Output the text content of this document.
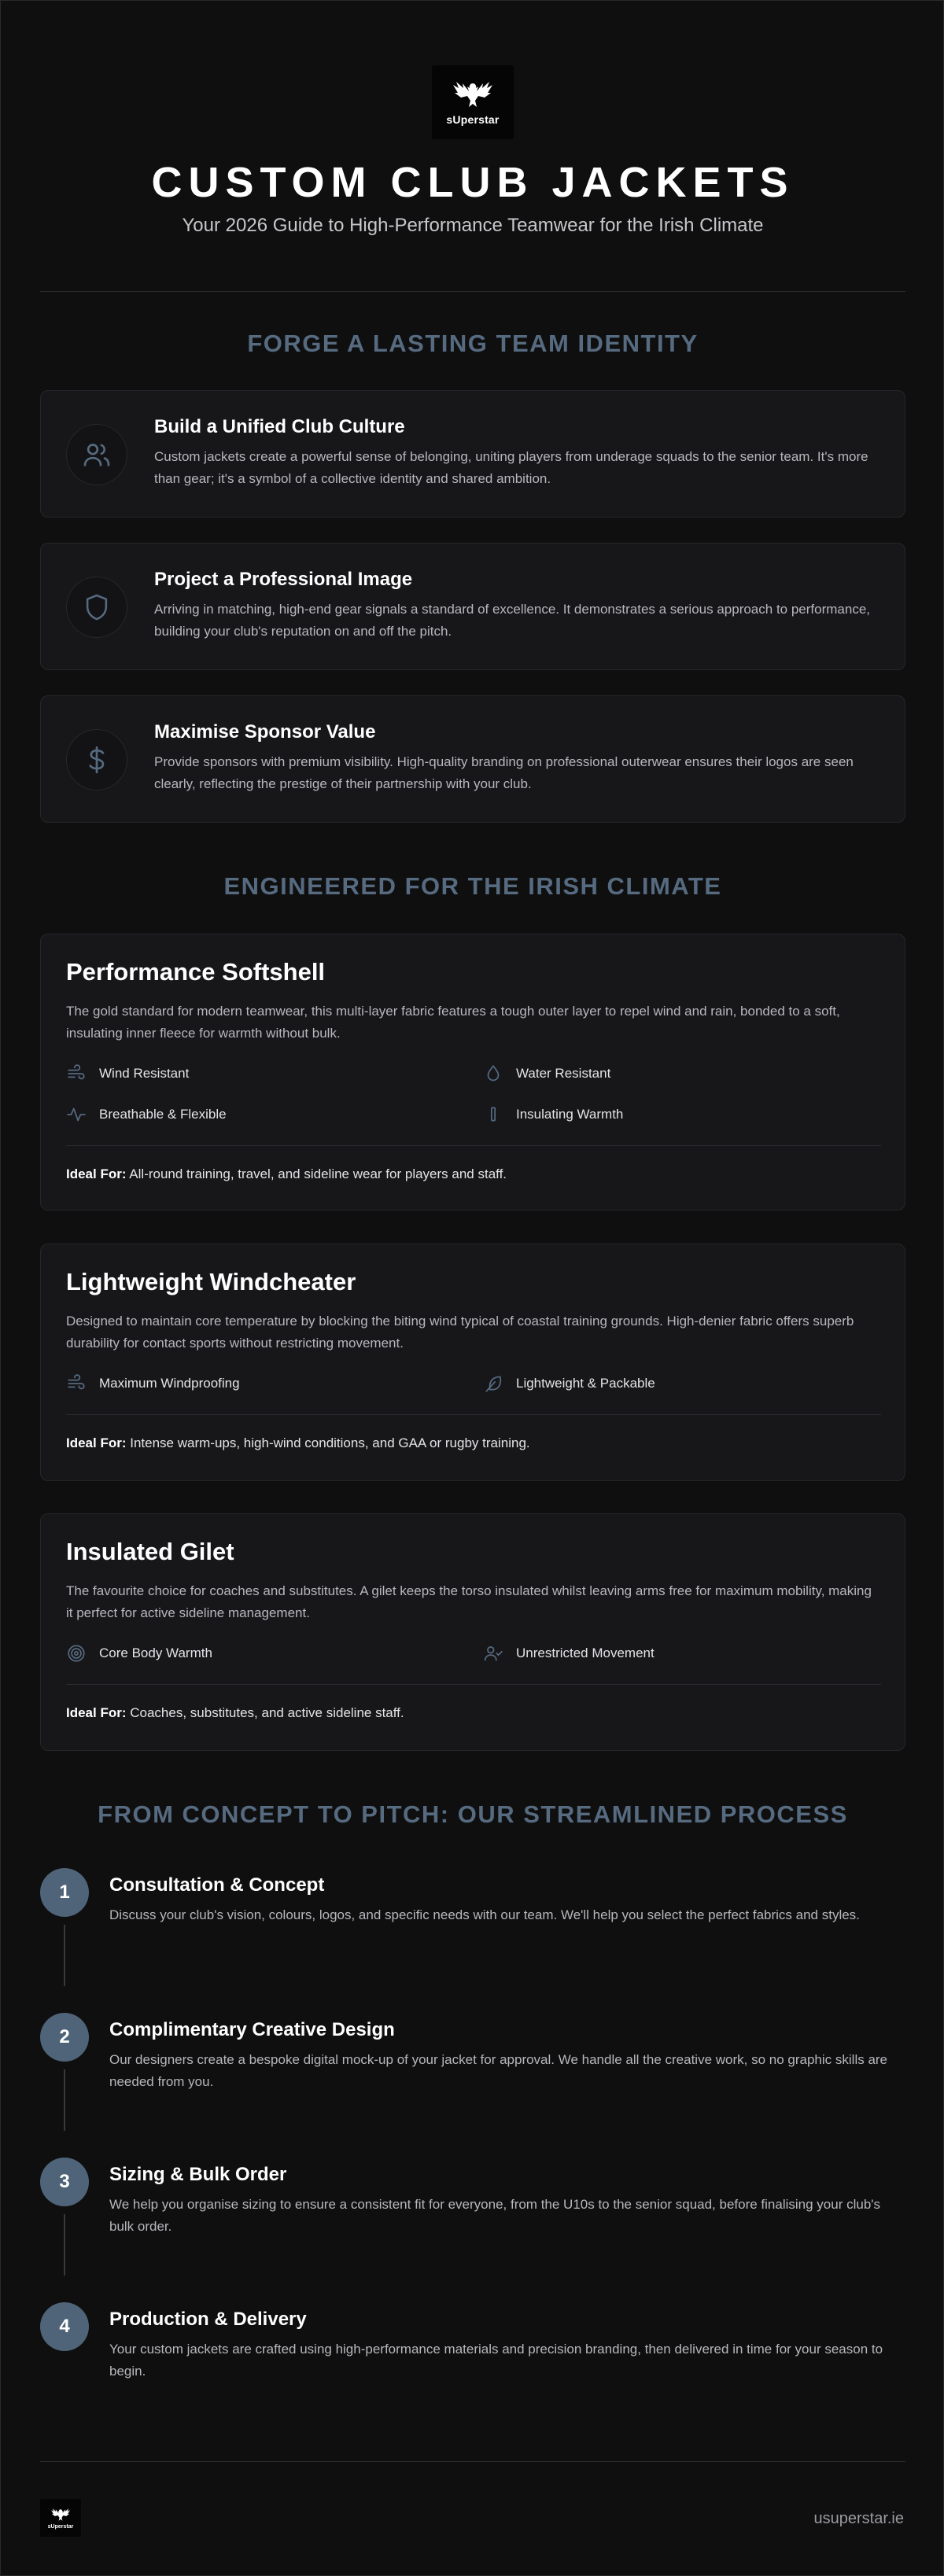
sUperstar
CUSTOM CLUB JACKETS
Your 2026 Guide to High-Performance Teamwear for the Irish Climate
FORGE A LASTING TEAM IDENTITY
Build a Unified Club Culture
Custom jackets create a powerful sense of belonging, uniting players from underage squads to the senior team. It's more than gear; it's a symbol of a collective identity and shared ambition.
Project a Professional Image
Arriving in matching, high-end gear signals a standard of excellence. It demonstrates a serious approach to performance, building your club's reputation on and off the pitch.
Maximise Sponsor Value
Provide sponsors with premium visibility. High-quality branding on professional outerwear ensures their logos are seen clearly, reflecting the prestige of their partnership with your club.
ENGINEERED FOR THE IRISH CLIMATE
Performance Softshell
The gold standard for modern teamwear, this multi-layer fabric features a tough outer layer to repel wind and rain, bonded to a soft, insulating inner fleece for warmth without bulk.
Wind Resistant	Water Resistant
Breathable & Flexible	Insulating Warmth
Ideal For: All-round training, travel, and sideline wear for players and staff.
Lightweight Windcheater
Designed to maintain core temperature by blocking the biting wind typical of coastal training grounds. High-denier fabric offers superb durability for contact sports without restricting movement.
Maximum Windproofing	Lightweight & Packable
Ideal For: Intense warm-ups, high-wind conditions, and GAA or rugby training.
Insulated Gilet
The favourite choice for coaches and substitutes. A gilet keeps the torso insulated whilst leaving arms free for maximum mobility, making it perfect for active sideline management.
Core Body Warmth	Unrestricted Movement
Ideal For: Coaches, substitutes, and active sideline staff.
FROM CONCEPT TO PITCH: OUR STREAMLINED PROCESS
1	Consultation & Concept
Discuss your club's vision, colours, logos, and specific needs with our team. We'll help you select the perfect fabrics and styles.
2	Complimentary Creative Design
Our designers create a bespoke digital mock-up of your jacket for approval. We handle all the creative work, so no graphic skills are needed from you.
3	Sizing & Bulk Order
We help you organise sizing to ensure a consistent fit for everyone, from the U10s to the senior squad, before finalising your club's bulk order.
4	Production & Delivery
Your custom jackets are crafted using high-performance materials and precision branding, then delivered in time for your season to begin.
sUperstar	usuperstar.ie
